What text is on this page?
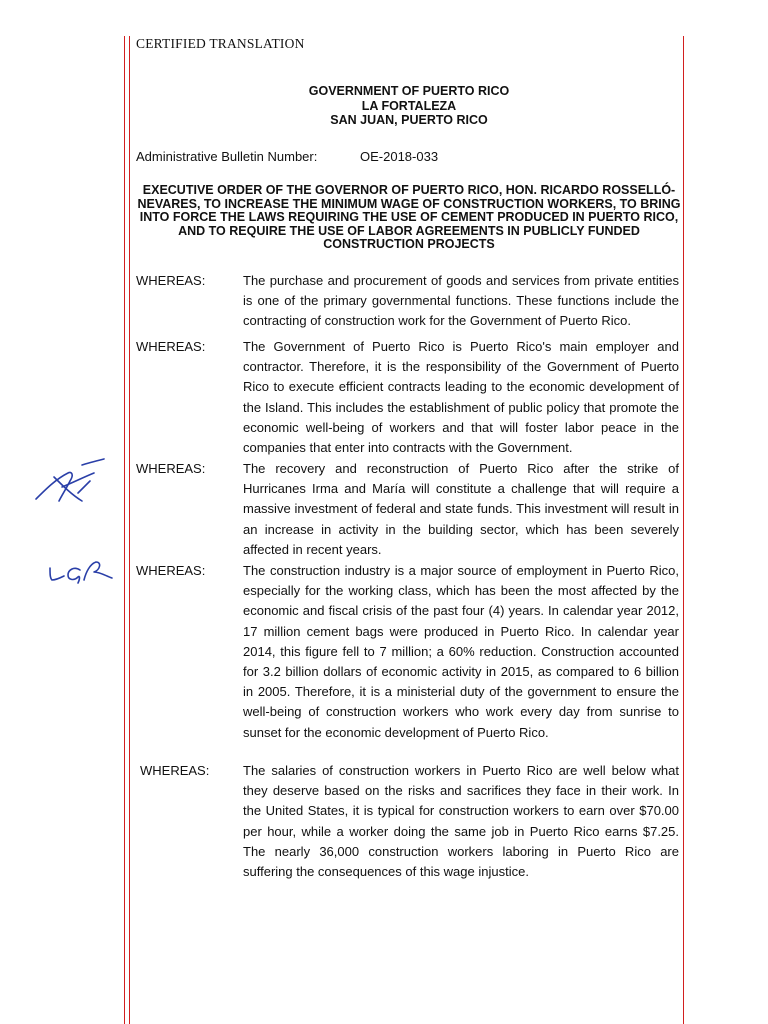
CERTIFIED TRANSLATION
GOVERNMENT OF PUERTO RICO
LA FORTALEZA
SAN JUAN, PUERTO RICO
Administrative Bulletin Number:	OE-2018-033
EXECUTIVE ORDER OF THE GOVERNOR OF PUERTO RICO, HON. RICARDO ROSSELLÓ-NEVARES, TO INCREASE THE MINIMUM WAGE OF CONSTRUCTION WORKERS, TO BRING INTO FORCE THE LAWS REQUIRING THE USE OF CEMENT PRODUCED IN PUERTO RICO, AND TO REQUIRE THE USE OF LABOR AGREEMENTS IN PUBLICLY FUNDED CONSTRUCTION PROJECTS
WHEREAS:	The purchase and procurement of goods and services from private entities is one of the primary governmental functions. These functions include the contracting of construction work for the Government of Puerto Rico.
WHEREAS:	The Government of Puerto Rico is Puerto Rico's main employer and contractor. Therefore, it is the responsibility of the Government of Puerto Rico to execute efficient contracts leading to the economic development of the Island. This includes the establishment of public policy that promote the economic well-being of workers and that will foster labor peace in the companies that enter into contracts with the Government.
WHEREAS:	The recovery and reconstruction of Puerto Rico after the strike of Hurricanes Irma and María will constitute a challenge that will require a massive investment of federal and state funds. This investment will result in an increase in activity in the building sector, which has been severely affected in recent years.
WHEREAS:	The construction industry is a major source of employment in Puerto Rico, especially for the working class, which has been the most affected by the economic and fiscal crisis of the past four (4) years. In calendar year 2012, 17 million cement bags were produced in Puerto Rico. In calendar year 2014, this figure fell to 7 million; a 60% reduction. Construction accounted for 3.2 billion dollars of economic activity in 2015, as compared to 6 billion in 2005. Therefore, it is a ministerial duty of the government to ensure the well-being of construction workers who work every day from sunrise to sunset for the economic development of Puerto Rico.
WHEREAS:	The salaries of construction workers in Puerto Rico are well below what they deserve based on the risks and sacrifices they face in their work. In the United States, it is typical for construction workers to earn over $70.00 per hour, while a worker doing the same job in Puerto Rico earns $7.25. The nearly 36,000 construction workers laboring in Puerto Rico are suffering the consequences of this wage injustice.
